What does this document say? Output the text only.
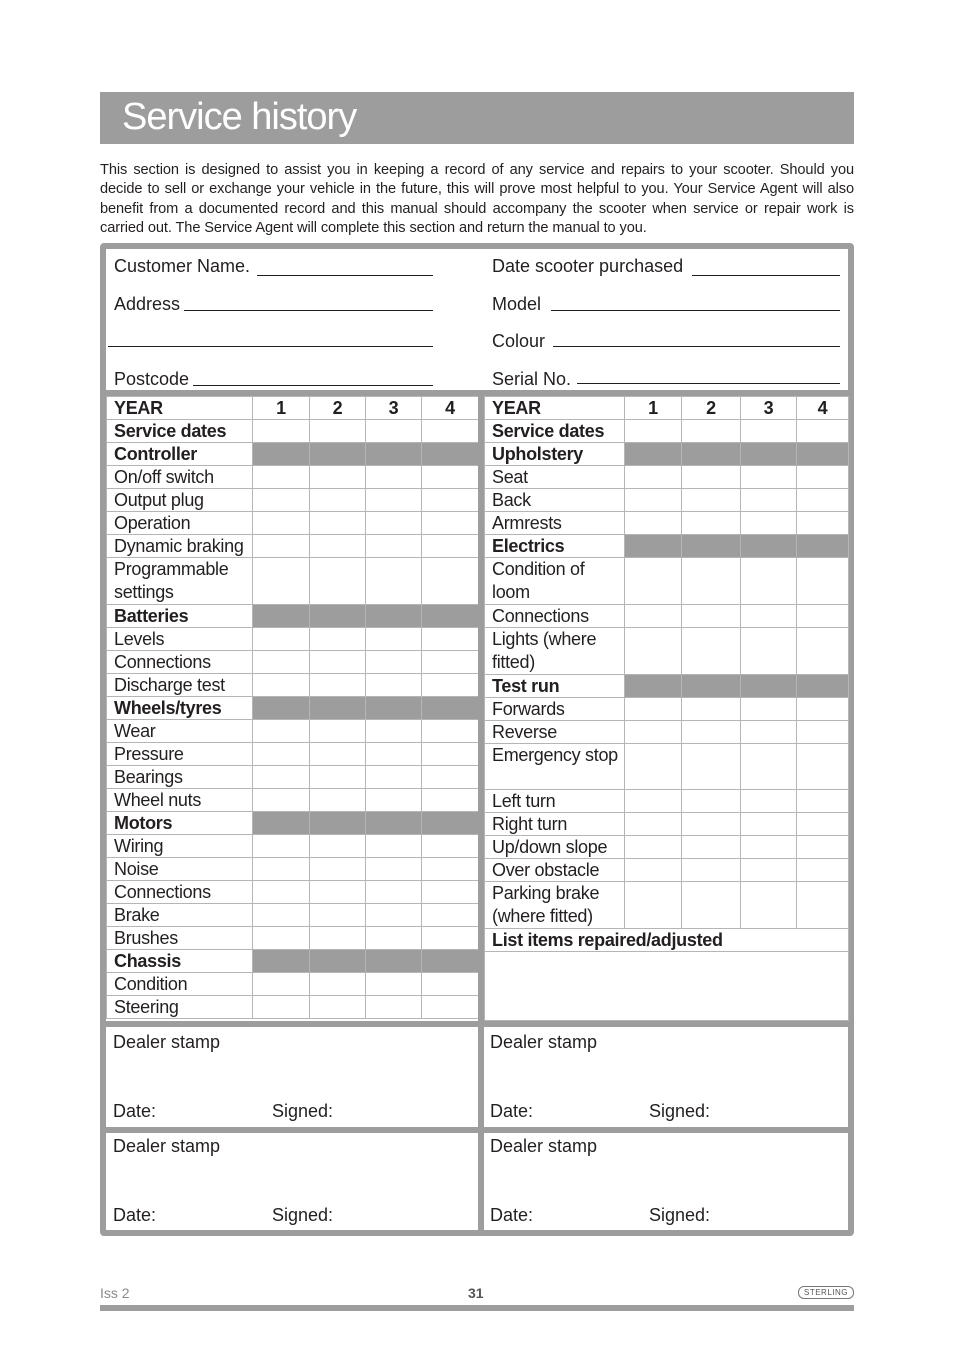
Service history
This section is designed to assist you in keeping a record of any service and repairs to your scooter. Should you decide to sell or exchange your vehicle in the future, this will prove most helpful to you. Your Service Agent will also benefit from a documented record and this manual should accompany the scooter when service or repair work is carried out. The Service Agent will complete this section and return the manual to you.
Customer Name.
Address
Postcode
Date scooter purchased
Model
Colour
Serial No.
YEAR	1	2	3	4
Service dates				
Controller				
On/off switch				
Output plug				
Operation				
Dynamic braking				
Programmable settings				
Batteries				
Levels				
Connections				
Discharge test				
Wheels/tyres				
Wear				
Pressure				
Bearings				
Wheel nuts				
Motors				
Wiring				
Noise				
Connections				
Brake				
Brushes				
Chassis				
Condition				
Steering				
YEAR	1	2	3	4
Service dates				
Upholstery				
Seat				
Back				
Armrests				
Electrics				
Condition of loom				
Connections				
Lights (where fitted)				
Test run				
Forwards				
Reverse				
Emergency stop				
Left turn				
Right turn				
Up/down slope				
Over obstacle				
Parking brake (where fitted)				
List items repaired/adjusted				

Dealer stamp
Date:	Signed:
Dealer stamp
Date:	Signed:
Dealer stamp
Date:	Signed:
Dealer stamp
Date:	Signed:
Iss 2	31	STERLING
